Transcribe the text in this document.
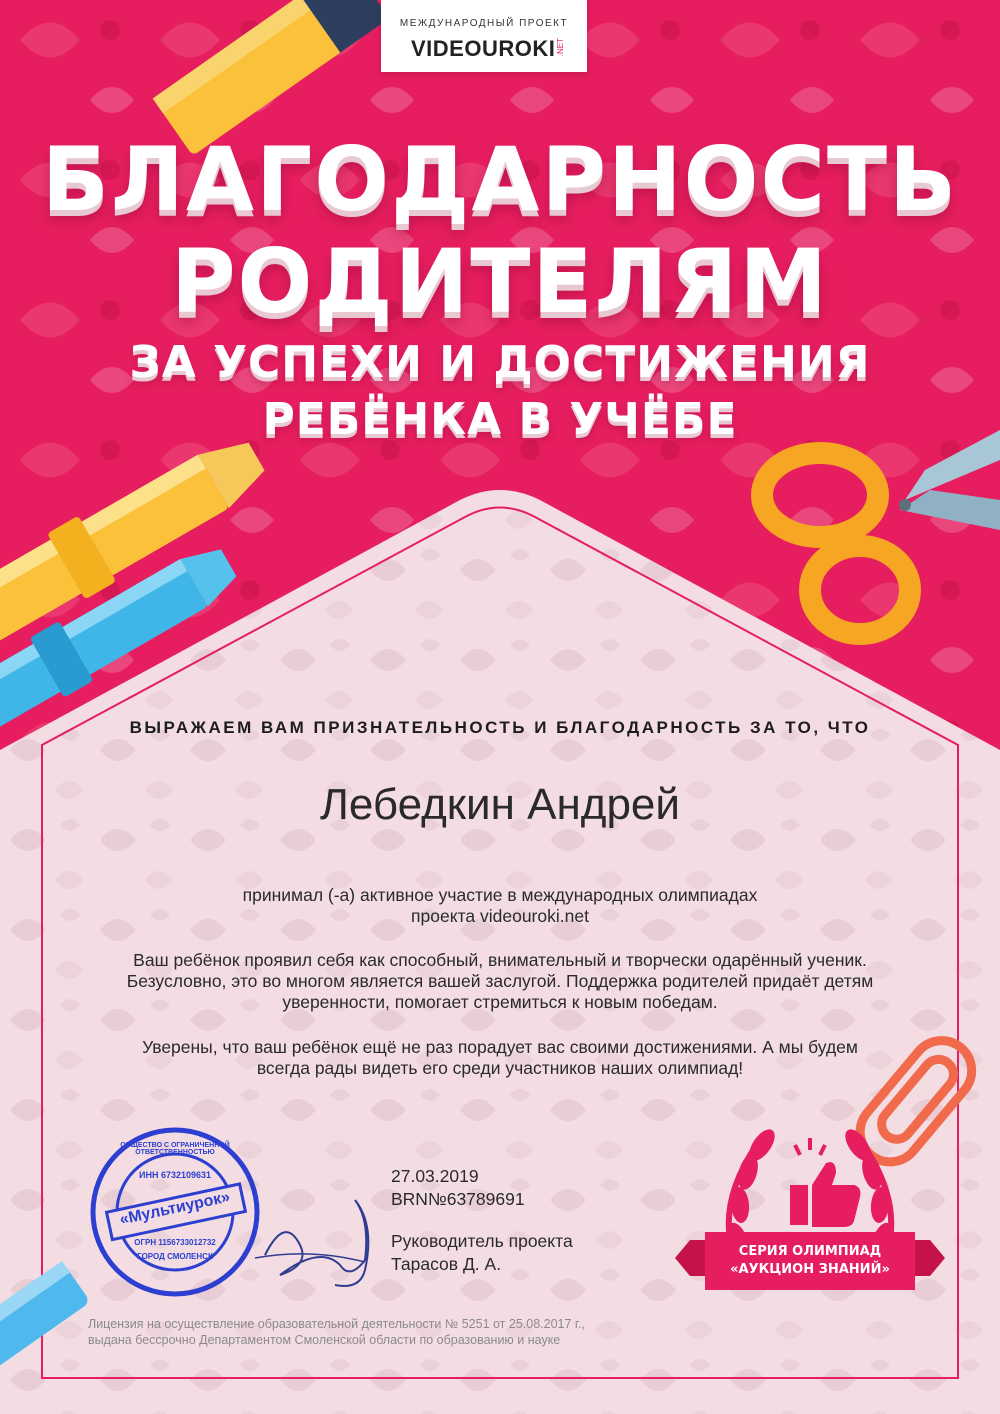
МЕЖДУНАРОДНЫЙ ПРОЕКТ
VIDEOUROKI .NET
БЛАГОДАРНОСТЬ
РОДИТЕЛЯМ
ЗА УСПЕХИ И ДОСТИЖЕНИЯ
РЕБЁНКА В УЧЁБЕ
ВЫРАЖАЕМ ВАМ ПРИЗНАТЕЛЬНОСТЬ И БЛАГОДАРНОСТЬ ЗА ТО, ЧТО
Лебедкин Андрей
принимал (-а) активное участие в международных олимпиадах
проекта videouroki.net
Ваш ребёнок проявил себя как способный, внимательный и творчески одарённый ученик.
Безусловно, это во многом является вашей заслугой. Поддержка родителей придаёт детям
уверенности, помогает стремиться к новым победам.
Уверены, что ваш ребёнок ещё не раз порадует вас своими достижениями. А мы будем
всегда рады видеть его среди участников наших олимпиад!
27.03.2019
BRN№63789691
Руководитель проекта
Тарасов Д. А.
ОБЩЕСТВО С ОГРАНИЧЕННОЙ ОТВЕТСТВЕННОСТЬЮ
ИНН 6732109631
«Мультиурок»
ОГРН 1156733012732
ГОРОД СМОЛЕНСК	СЕРИЯ ОЛИМПИАД
«АУКЦИОН ЗНАНИЙ»
Лицензия на осуществление образовательной деятельности № 5251 от 25.08.2017 г.,
выдана бессрочно Департаментом Смоленской области по образованию и науке
